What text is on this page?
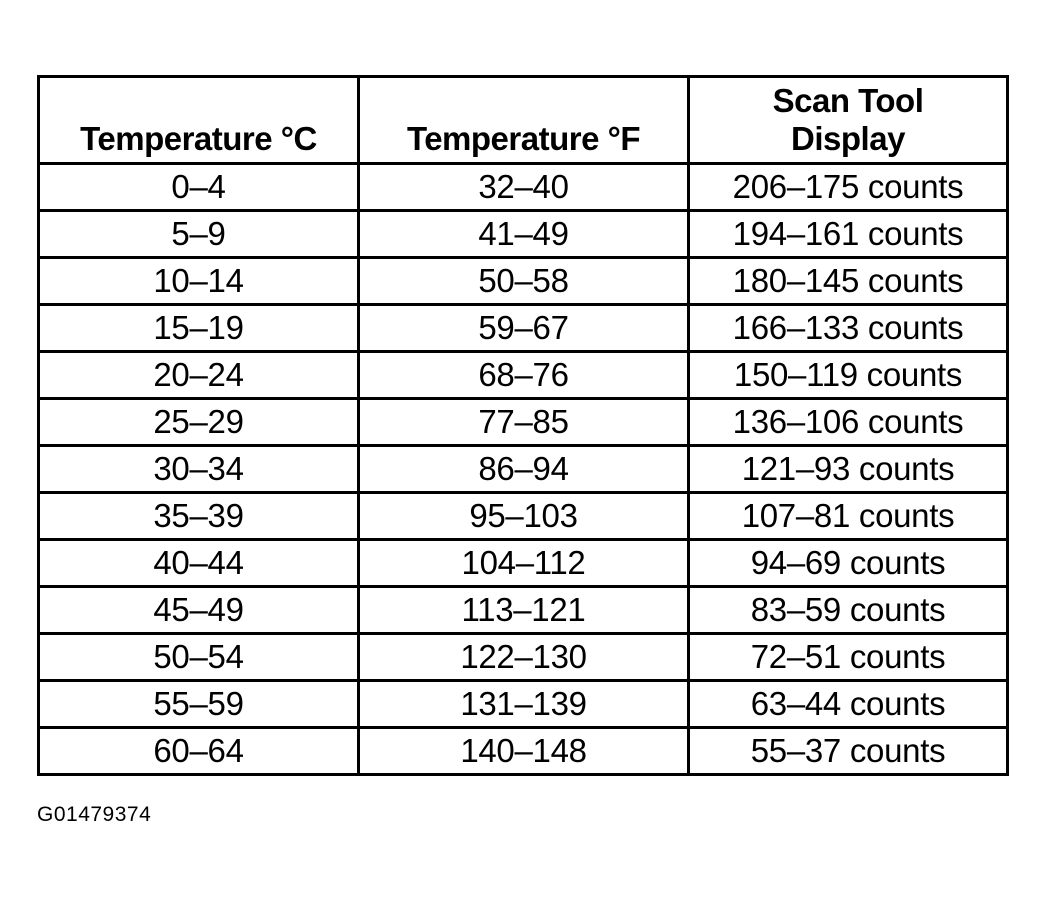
Temperature °C	Temperature °F	Scan Tool
Display
0–4	32–40	206–175 counts
5–9	41–49	194–161 counts
10–14	50–58	180–145 counts
15–19	59–67	166–133 counts
20–24	68–76	150–119 counts
25–29	77–85	136–106 counts
30–34	86–94	121–93 counts
35–39	95–103	107–81 counts
40–44	104–112	94–69 counts
45–49	113–121	83–59 counts
50–54	122–130	72–51 counts
55–59	131–139	63–44 counts
60–64	140–148	55–37 counts
G01479374
